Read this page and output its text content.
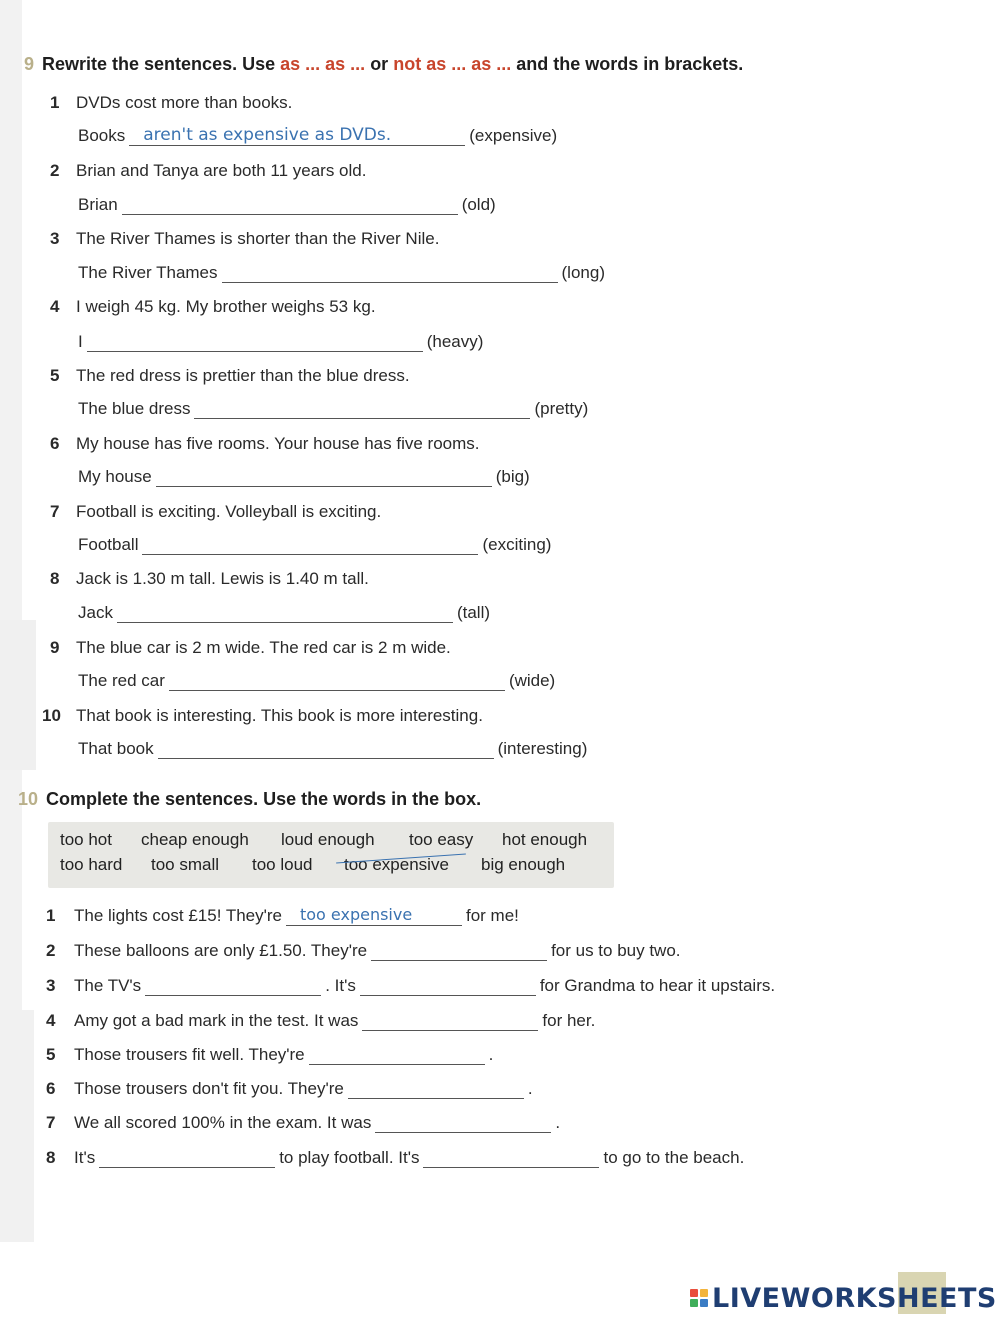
9 Rewrite the sentences. Use as ... as ... or not as ... as ... and the words in brackets.
1 DVDs cost more than books.
Books aren't as expensive as DVDs.	(expensive)
2 Brian and Tanya are both 11 years old.
Brian	(old)
3 The River Thames is shorter than the River Nile.
The River Thames	(long)
4 I weigh 45 kg. My brother weighs 53 kg.
I	(heavy)
5 The red dress is prettier than the blue dress.
The blue dress	(pretty)
6 My house has five rooms. Your house has five rooms.
My house	(big)
7 Football is exciting. Volleyball is exciting.
Football	(exciting)
8 Jack is 1.30 m tall. Lewis is 1.40 m tall.
Jack	(tall)
9 The blue car is 2 m wide. The red car is 2 m wide.
The red car	(wide)
10 That book is interesting. This book is more interesting.
That book	(interesting)
10 Complete the sentences. Use the words in the box.
too hot cheap enough loud enough too easy hot enough
too hard too small too loud too expensive big enough
1 The lights cost £15! They're too expensive	for me!
2 These balloons are only £1.50. They're	for us to buy two.
3 The TV's	. It's	for Grandma to hear it upstairs.
4 Amy got a bad mark in the test. It was	for her.
5 Those trousers fit well. They're	.
6 Those trousers don't fit you. They're	.
7 We all scored 100% in the exam. It was	.
8 It's	to play football. It's	to go to the beach.
LIVEWORKSHEETS
